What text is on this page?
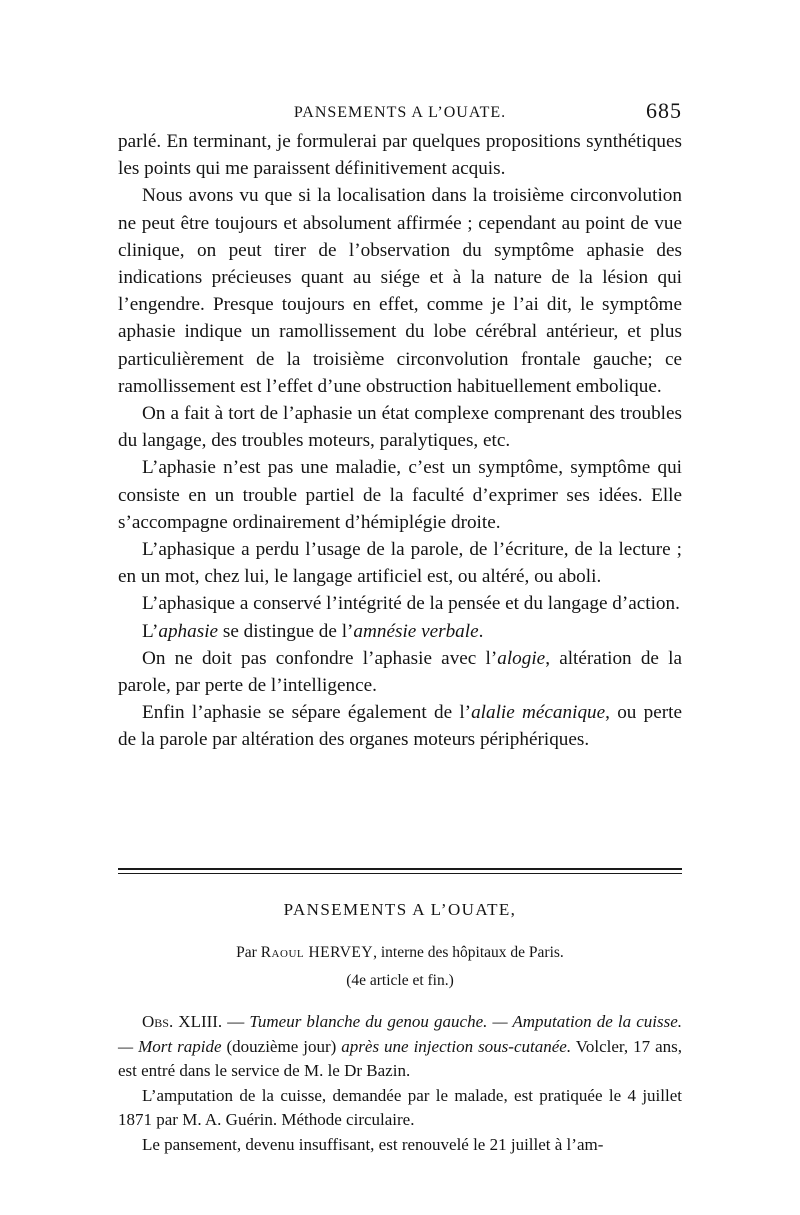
PANSEMENTS A L’OUATE.	685

parlé. En terminant, je formulerai par quelques propositions synthétiques les points qui me paraissent définitivement acquis.

Nous avons vu que si la localisation dans la troisième circonvolution ne peut être toujours et absolument affirmée ; cependant au point de vue clinique, on peut tirer de l’observation du symptôme aphasie des indications précieuses quant au siége et à la nature de la lésion qui l’engendre. Presque toujours en effet, comme je l’ai dit, le symptôme aphasie indique un ramollissement du lobe cérébral antérieur, et plus particulièrement de la troisième circonvolution frontale gauche; ce ramollissement est l’effet d’une obstruction habituellement embolique.

On a fait à tort de l’aphasie un état complexe comprenant des troubles du langage, des troubles moteurs, paralytiques, etc.

L’aphasie n’est pas une maladie, c’est un symptôme, symptôme qui consiste en un trouble partiel de la faculté d’exprimer ses idées. Elle s’accompagne ordinairement d’hémiplégie droite.

L’aphasique a perdu l’usage de la parole, de l’écriture, de la lecture ; en un mot, chez lui, le langage artificiel est, ou altéré, ou aboli.

L’aphasique a conservé l’intégrité de la pensée et du langage d’action.

L’aphasie se distingue de l’amnésie verbale.

On ne doit pas confondre l’aphasie avec l’alogie, altération de la parole, par perte de l’intelligence.

Enfin l’aphasie se sépare également de l’alalie mécanique, ou perte de la parole par altération des organes moteurs périphériques.

PANSEMENTS A L’OUATE,
Par Raoul HERVEY, interne des hôpitaux de Paris.
(4e article et fin.)

Obs. XLIII. — Tumeur blanche du genou gauche. — Amputation de la cuisse. — Mort rapide (douzième jour) après une injection sous-cutanée. Volcler, 17 ans, est entré dans le service de M. le Dr Bazin.

L’amputation de la cuisse, demandée par le malade, est pratiquée le 4 juillet 1871 par M. A. Guérin. Méthode circulaire.

Le pansement, devenu insuffisant, est renouvelé le 21 juillet à l’am-
